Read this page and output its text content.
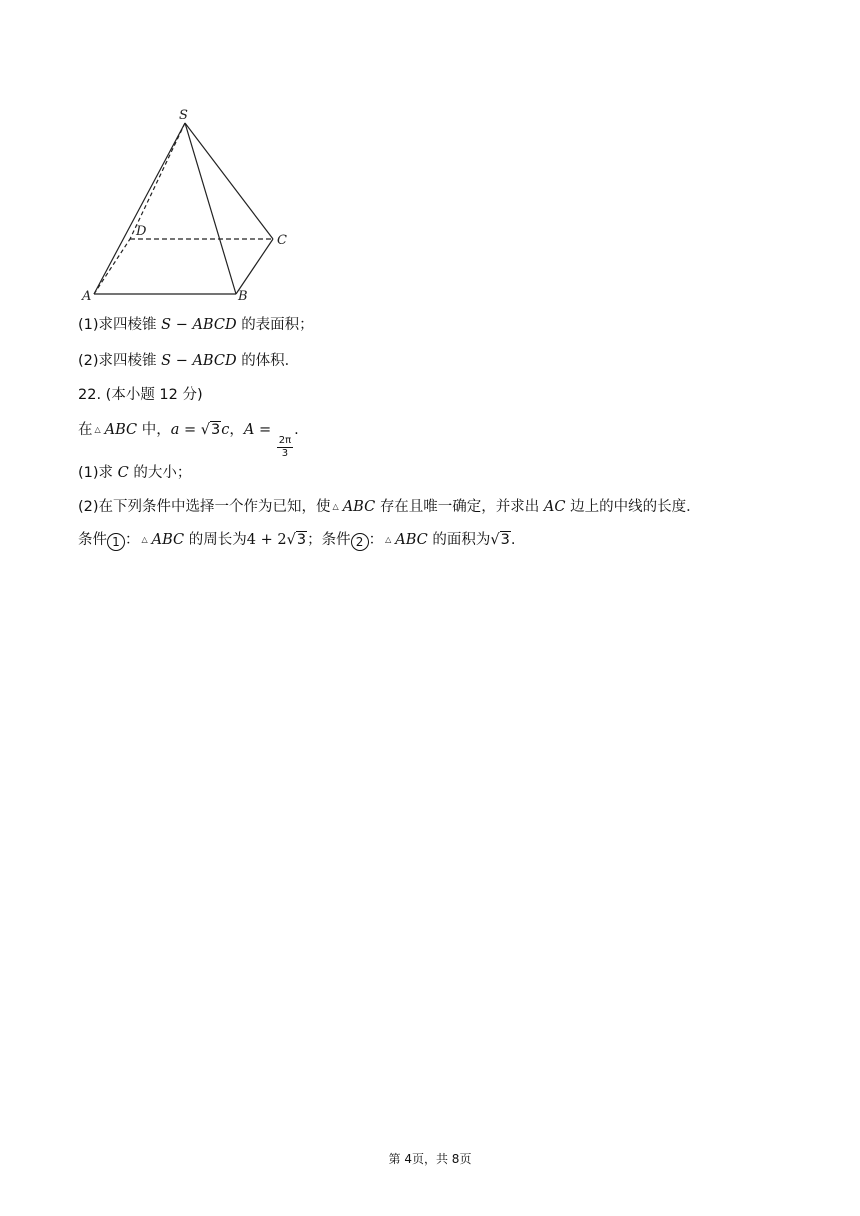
S
A	B
C
D
(1)求四棱锥 S − ABCD 的表面积；
(2)求四棱锥 S − ABCD 的体积．
22. (本小题 12 分)
在 △ ABC 中，a = √3c，A =
$\frac{2\pi}{3}$
.
(1)求 C 的大小；
(2)在下列条件中选择一个作为已知，使 △ ABC 存在且唯一确定，并求出 AC 边上的中线的长度．
条件 1 ： △ ABC 的周长为4 + 2√3；条件 2 ： △ ABC 的面积为√3.
第 4页，共 8页
